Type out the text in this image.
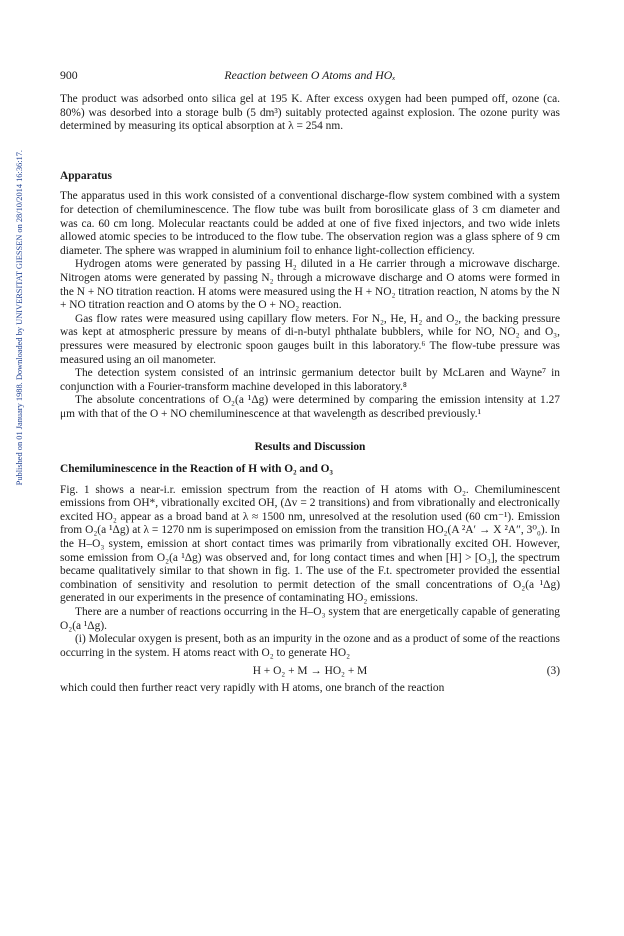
Published on 01 January 1988. Downloaded by UNIVERSITAT GIESSEN on 28/10/2014 16:36:17.
900	Reaction between O Atoms and HOₓ

The product was adsorbed onto silica gel at 195 K. After excess oxygen had been pumped off, ozone (ca. 80%) was desorbed into a storage bulb (5 dm³) suitably protected against explosion. The ozone purity was determined by measuring its optical absorption at λ = 254 nm.

Apparatus

The apparatus used in this work consisted of a conventional discharge-flow system combined with a system for detection of chemiluminescence. The flow tube was built from borosilicate glass of 3 cm diameter and was ca. 60 cm long. Molecular reactants could be added at one of five fixed injectors, and two wide inlets allowed atomic species to be introduced to the flow tube. The observation region was a glass sphere of 9 cm diameter. The sphere was wrapped in aluminium foil to enhance light-collection efficiency.

Hydrogen atoms were generated by passing H₂ diluted in a He carrier through a microwave discharge. Nitrogen atoms were generated by passing N₂ through a microwave discharge and O atoms were formed in the N + NO titration reaction. H atoms were measured using the H + NO₂ titration reaction, N atoms by the N + NO titration reaction and O atoms by the O + NO₂ reaction.

Gas flow rates were measured using capillary flow meters. For N₂, He, H₂ and O₂, the backing pressure was kept at atmospheric pressure by means of di-n-butyl phthalate bubblers, while for NO, NO₂ and O₃, pressures were measured by electronic spoon gauges built in this laboratory.⁶ The flow-tube pressure was measured using an oil manometer.

The detection system consisted of an intrinsic germanium detector built by McLaren and Wayne⁷ in conjunction with a Fourier-transform machine developed in this laboratory.⁸

The absolute concentrations of O₂(a ¹Δg) were determined by comparing the emission intensity at 1.27 μm with that of the O + NO chemiluminescence at that wavelength as described previously.¹

Results and Discussion
Chemiluminescence in the Reaction of H with O₂ and O₃

Fig. 1 shows a near-i.r. emission spectrum from the reaction of H atoms with O₂. Chemiluminescent emissions from OH*, vibrationally excited OH, (Δv = 2 transitions) and from vibrationally and electronically excited HO₂ appear as a broad band at λ ≈ 1500 nm, unresolved at the resolution used (60 cm⁻¹). Emission from O₂(a ¹Δg) at λ = 1270 nm is superimposed on emission from the transition HO₂(A ²A′ → X ²A″, 3⁰₀). In the H–O₃ system, emission at short contact times was primarily from vibrationally excited OH. However, some emission from O₂(a ¹Δg) was observed and, for long contact times and when [H] > [O₃], the spectrum became qualitatively similar to that shown in fig. 1. The use of the F.t. spectrometer provided the essential combination of sensitivity and resolution to permit detection of the small concentrations of O₂(a ¹Δg) generated in our experiments in the presence of contaminating HO₂ emissions.

There are a number of reactions occurring in the H–O₃ system that are energetically capable of generating O₂(a ¹Δg).

(i) Molecular oxygen is present, both as an impurity in the ozone and as a product of some of the reactions occurring in the system. H atoms react with O₂ to generate HO₂

H + O₂ + M → HO₂ + M	(3)

which could then further react very rapidly with H atoms, one branch of the reaction
